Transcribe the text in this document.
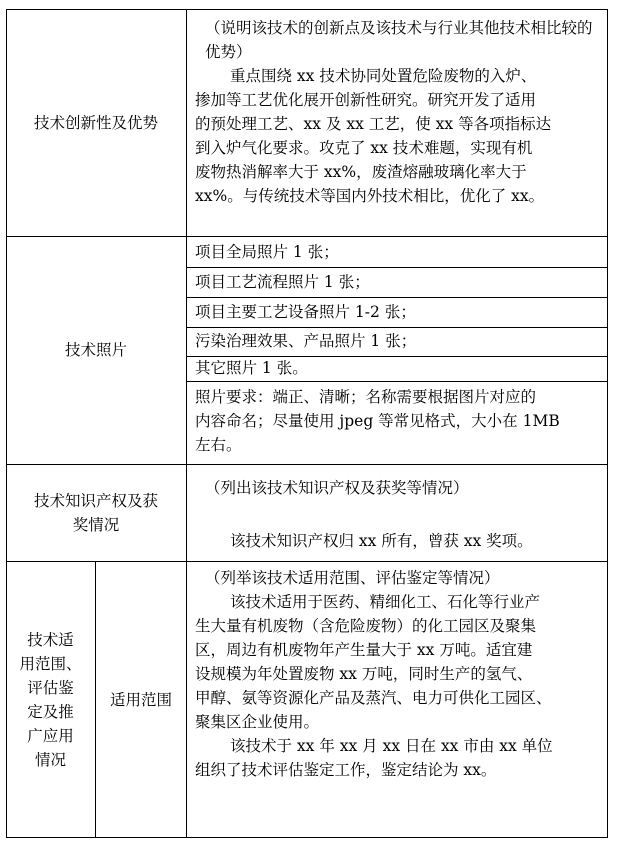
技术创新性及优势
（说明该技术的创新点及该技术与行业其他技术相比较的优势）
重点围绕 xx 技术协同处置危险废物的入炉、
掺加等工艺优化展开创新性研究。研究开发了适用
的预处理工艺、xx 及 xx 工艺，使 xx 等各项指标达
到入炉气化要求。攻克了 xx 技术难题，实现有机
废物热消解率大于 xx%，废渣熔融玻璃化率大于
xx%。与传统技术等国内外技术相比，优化了 xx。
技术照片
项目全局照片 1 张；
项目工艺流程照片 1 张；
项目主要工艺设备照片 1-2 张；
污染治理效果、产品照片 1 张；
其它照片 1 张。
照片要求：端正、清晰；名称需要根据图片对应的
内容命名；尽量使用 jpeg 等常见格式，大小在 1MB
左右。
技术知识产权及获
奖情况
（列出该技术知识产权及获奖等情况）
该技术知识产权归 xx 所有，曾获 xx 奖项。
技术适
用范围、
评估鉴
定及推
广应用
情况
适用范围
（列举该技术适用范围、评估鉴定等情况）
该技术适用于医药、精细化工、石化等行业产
生大量有机废物（含危险废物）的化工园区及聚集
区，周边有机废物年产生量大于 xx 万吨。适宜建
设规模为年处置废物 xx 万吨，同时生产的氢气、
甲醇、氨等资源化产品及蒸汽、电力可供化工园区、
聚集区企业使用。
该技术于 xx 年 xx 月 xx 日在 xx 市由 xx 单位
组织了技术评估鉴定工作，鉴定结论为 xx。
